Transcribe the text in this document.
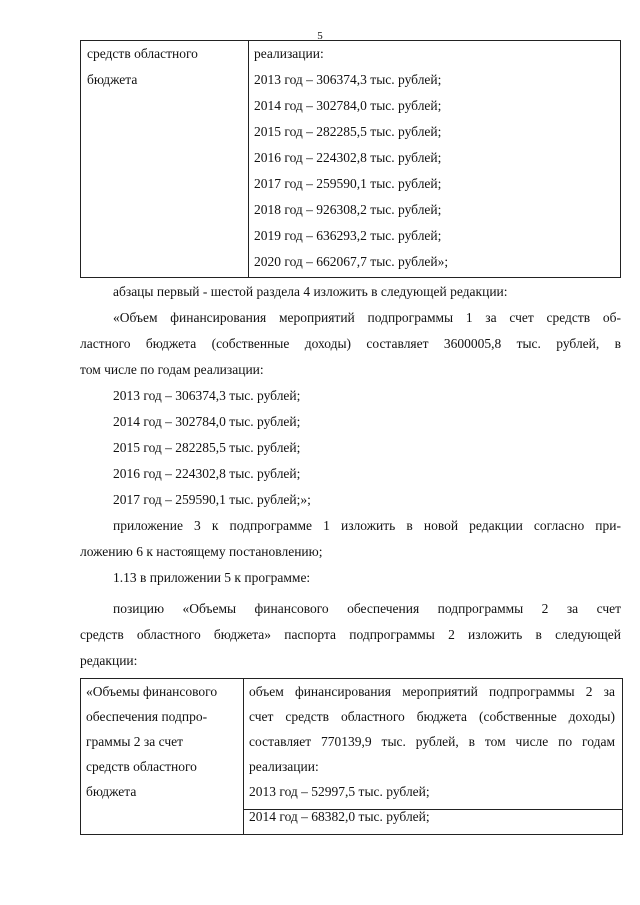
5
средств областного
бюджета
реализации:
2013 год – 306374,3 тыс. рублей;
2014 год – 302784,0 тыс. рублей;
2015 год – 282285,5 тыс. рублей;
2016 год – 224302,8 тыс. рублей;
2017 год – 259590,1 тыс. рублей;
2018 год – 926308,2 тыс. рублей;
2019 год – 636293,2 тыс. рублей;
2020 год – 662067,7 тыс. рублей»;
абзацы первый - шестой раздела 4 изложить в следующей редакции:
«Объем финансирования мероприятий подпрограммы 1 за счет средств об-
ластного бюджета (собственные доходы) составляет 3600005,8 тыс. рублей, в
том числе по годам реализации:
2013 год – 306374,3 тыс. рублей;
2014 год – 302784,0 тыс. рублей;
2015 год – 282285,5 тыс. рублей;
2016 год – 224302,8 тыс. рублей;
2017 год – 259590,1 тыс. рублей;»;
приложение 3 к подпрограмме 1 изложить в новой редакции согласно при-
ложению 6 к настоящему постановлению;
1.13 в приложении 5 к программе:
позицию «Объемы финансового обеспечения подпрограммы 2 за счет
средств областного бюджета» паспорта подпрограммы 2 изложить в следующей
редакции:
«Объемы финансового
обеспечения подпро-
граммы 2 за счет
средств областного
бюджета
объем финансирования мероприятий подпрограммы 2 за
счет средств областного бюджета (собственные доходы)
составляет 770139,9 тыс. рублей, в том числе по годам
реализации:
2013 год – 52997,5 тыс. рублей;
2014 год – 68382,0 тыс. рублей;
